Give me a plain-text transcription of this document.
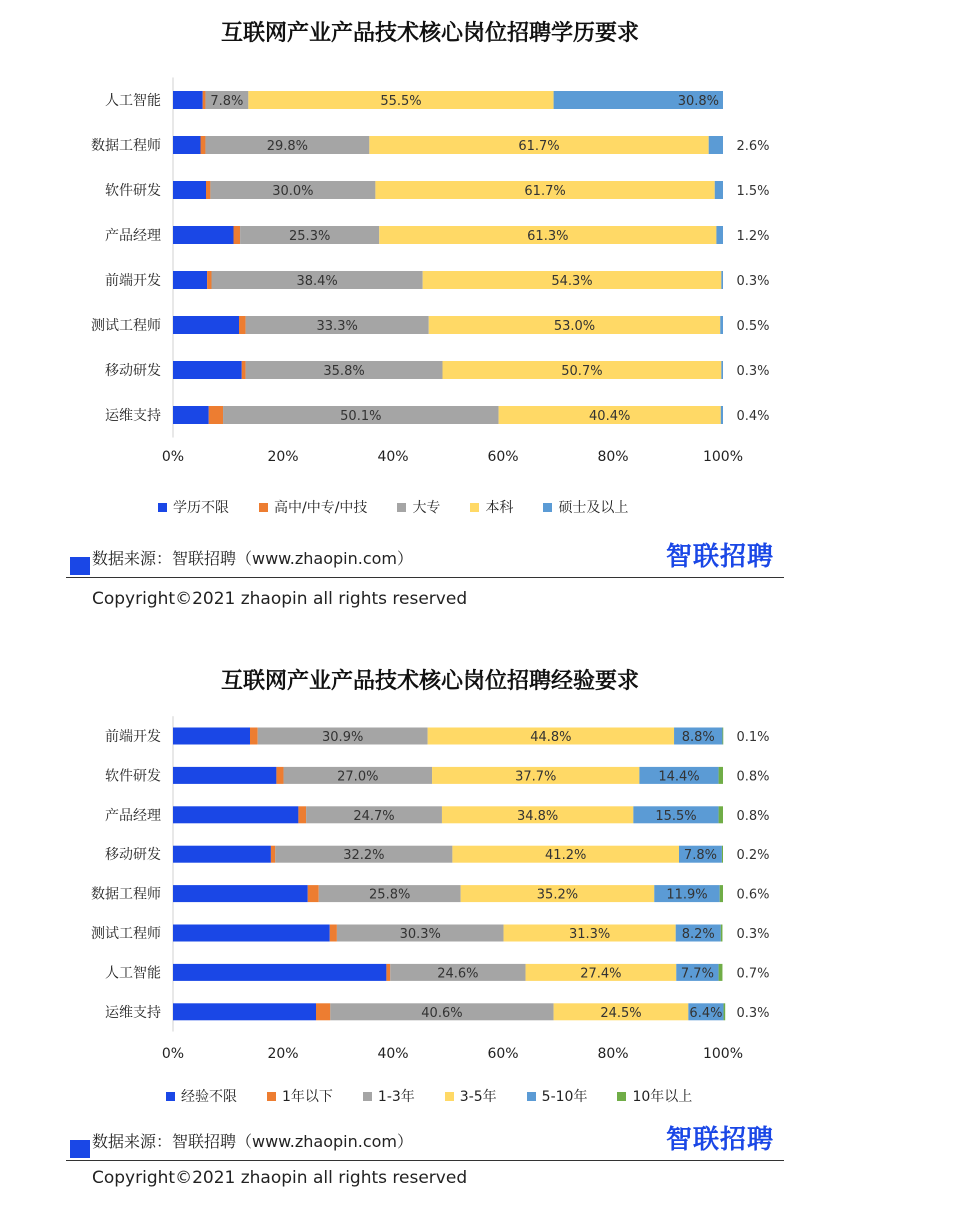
互联网产业产品技术核心岗位招聘学历要求
人工智能	7.8%	55.5%	30.8%
数据工程师	29.8%	61.7%	2.6%
软件研发	30.0%	61.7%	1.5%
产品经理	25.3%	61.3%	1.2%
前端开发	38.4%	54.3%	0.3%
测试工程师	33.3%	53.0%	0.5%
移动研发	35.8%	50.7%	0.3%
运维支持	50.1%	40.4%	0.4%
0%	20%	40%	60%	80%	100%
学历不限	高中/中专/中技	大专	本科	硕士及以上
数据来源：智联招聘（www.zhaopin.com）	智联招聘
Copyright©2021 zhaopin all rights reserved
互联网产业产品技术核心岗位招聘经验要求
前端开发	30.9%	44.8%	8.8% 0.1%
软件研发	27.0%	37.7%	14.4%	0.8%
产品经理	24.7%	34.8%	15.5%	0.8%
移动研发	32.2%	41.2%	7.8% 0.2%
数据工程师	25.8%	35.2%	11.9% 0.6%
测试工程师	30.3%	31.3%	8.2% 0.3%
人工智能	24.6%	27.4%	7.7% 0.7%
运维支持	40.6%	24.5%	6.4% 0.3%
0%	20%	40%	60%	80%	100%
经验不限	1年以下	1-3年	3-5年	5-10年	10年以上
数据来源：智联招聘（www.zhaopin.com）	智联招聘
Copyright©2021 zhaopin all rights reserved
